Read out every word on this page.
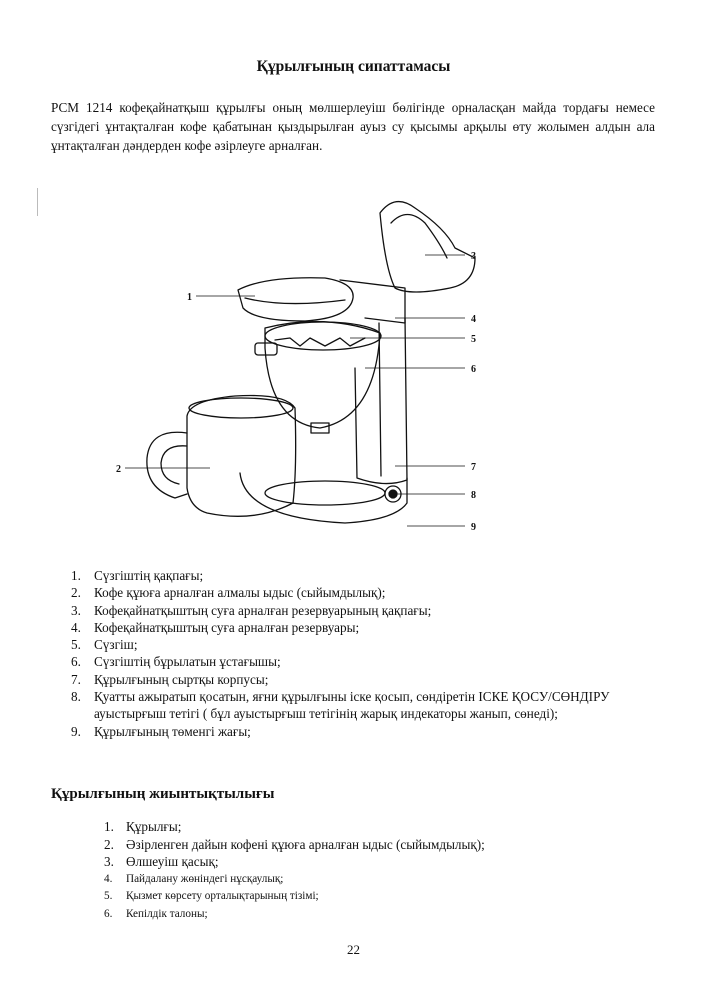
Құрылғының сипаттамасы
РСМ 1214 кофеқайнатқыш құрылғы оның мөлшерлеуіш бөлігінде орналасқан майда тордағы немесе сүзгідегі ұнтақталған кофе қабатынан қыздырылған ауыз су қысымы арқылы өту жолымен алдын ала ұнтақталған дәндерден кофе әзірлеуге арналған.
1
2
3
4
5
6
7
8
9
1. Сүзгіштің қақпағы;
2. Кофе құюға арналған алмалы ыдыс (сыйымдылық);
3. Кофеқайнатқыштың суға арналған резервуарының қақпағы;
4. Кофеқайнатқыштың суға арналған резервуары;
5. Сүзгіш;
6. Сүзгіштің бұрылатын ұстағышы;
7. Құрылғының сыртқы корпусы;
8. Қуатты ажыратып қосатын, яғни құрылғыны іске қосып, сөндіретін ІСКЕ ҚОСУ/СӨНДІРУ ауыстырғыш тетігі ( бұл ауыстырғыш тетігінің жарық индекаторы жанып, сөнеді);
9. Құрылғының төменгі жағы;
Құрылғының жиынтықтылығы
1. Құрылғы;
2. Әзірленген дайын кофені құюға арналған ыдыс (сыйымдылық);
3. Өлшеуіш қасық;
4.	Пайдалану жөніндегі нұсқаулық;
5.	Қызмет көрсету орталықтарының тізімі;
6.	Кепілдік талоны;
22
